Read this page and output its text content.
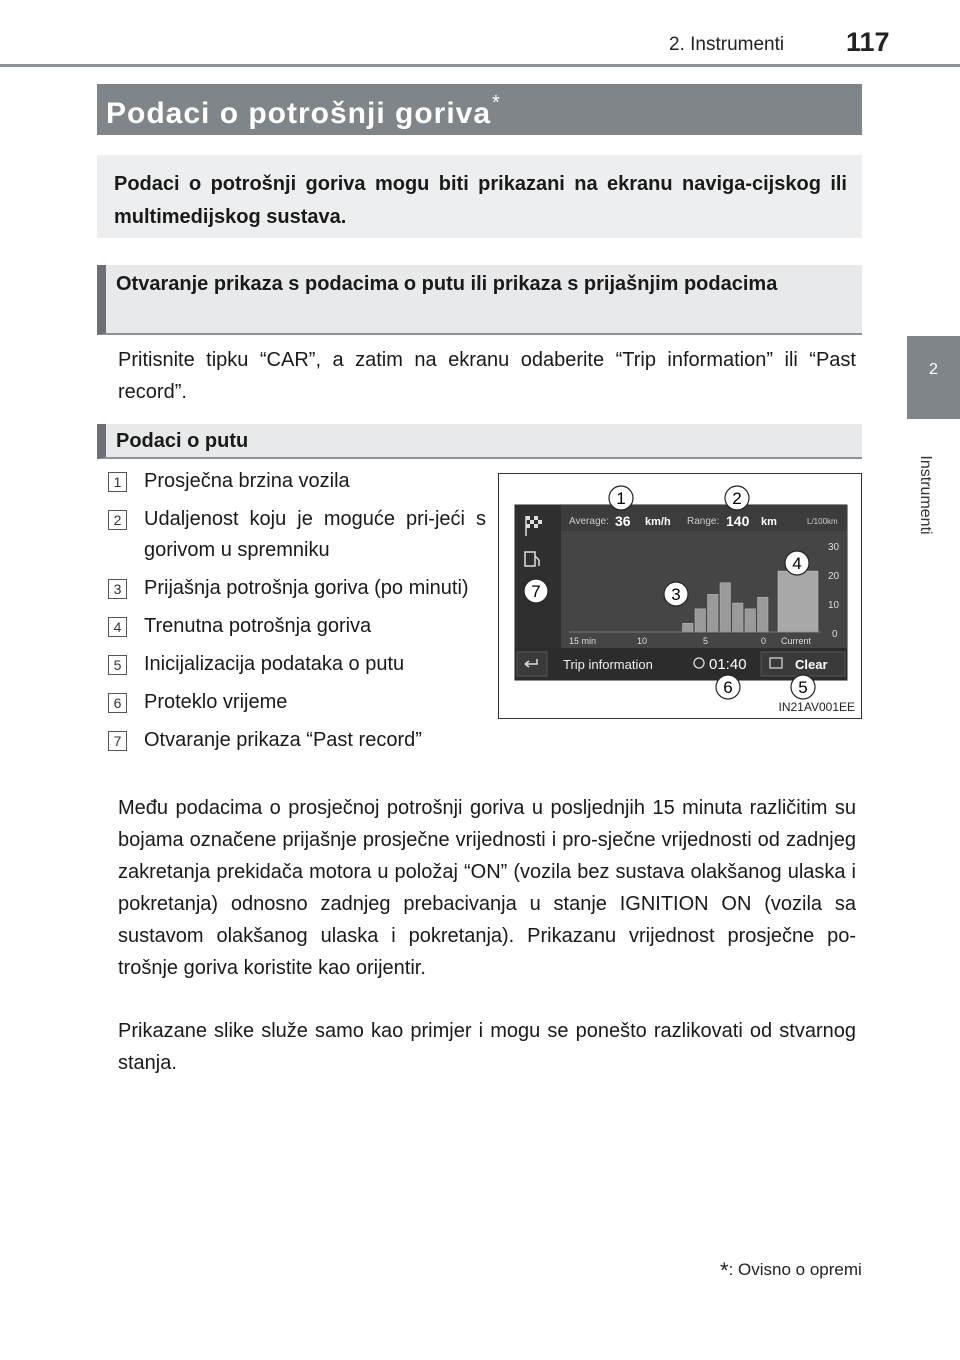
2. Instrumenti 117
2
Instrumenti
Podaci o potrošnji goriva*

Podaci o potrošnji goriva mogu biti prikazani na ekranu naviga-cijskog ili multimedijskog sustava.

Otvaranje prikaza s podacima o putu ili prikaza s prijašnjim podacima

Pritisnite tipku “CAR”, a zatim na ekranu odaberite “Trip information” ili “Past record”.

Podaci o putu

1 Prosječna brzina vozila
2 Udaljenost koju je moguće pri-jeći s gorivom u spremniku
3 Prijašnja potrošnja goriva (po minuti)
4 Trenutna potrošnja goriva
5 Inicijalizacija podataka o putu
6 Proteklo vrijeme
7 Otvaranje prikaza “Past record”
Average: 36 km/h Range: 140 km	L/100km
30
20
10
0
15 min	10	5	0 Current
Trip information	01:40	Clear
1	2
3
4
5
6
7
IN21AV001EE

Među podacima o prosječnoj potrošnji goriva u posljednjih 15 minuta različitim su bojama označene prijašnje prosječne vrijednosti i pro-sječne vrijednosti od zadnjeg zakretanja prekidača motora u položaj “ON” (vozila bez sustava olakšanog ulaska i pokretanja) odnosno zadnjeg prebacivanja u stanje IGNITION ON (vozila sa sustavom olakšanog ulaska i pokretanja). Prikazanu vrijednost prosječne po-trošnje goriva koristite kao orijentir.

Prikazane slike služe samo kao primjer i mogu se ponešto razlikovati od stvarnog stanja.

*: Ovisno o opremi
